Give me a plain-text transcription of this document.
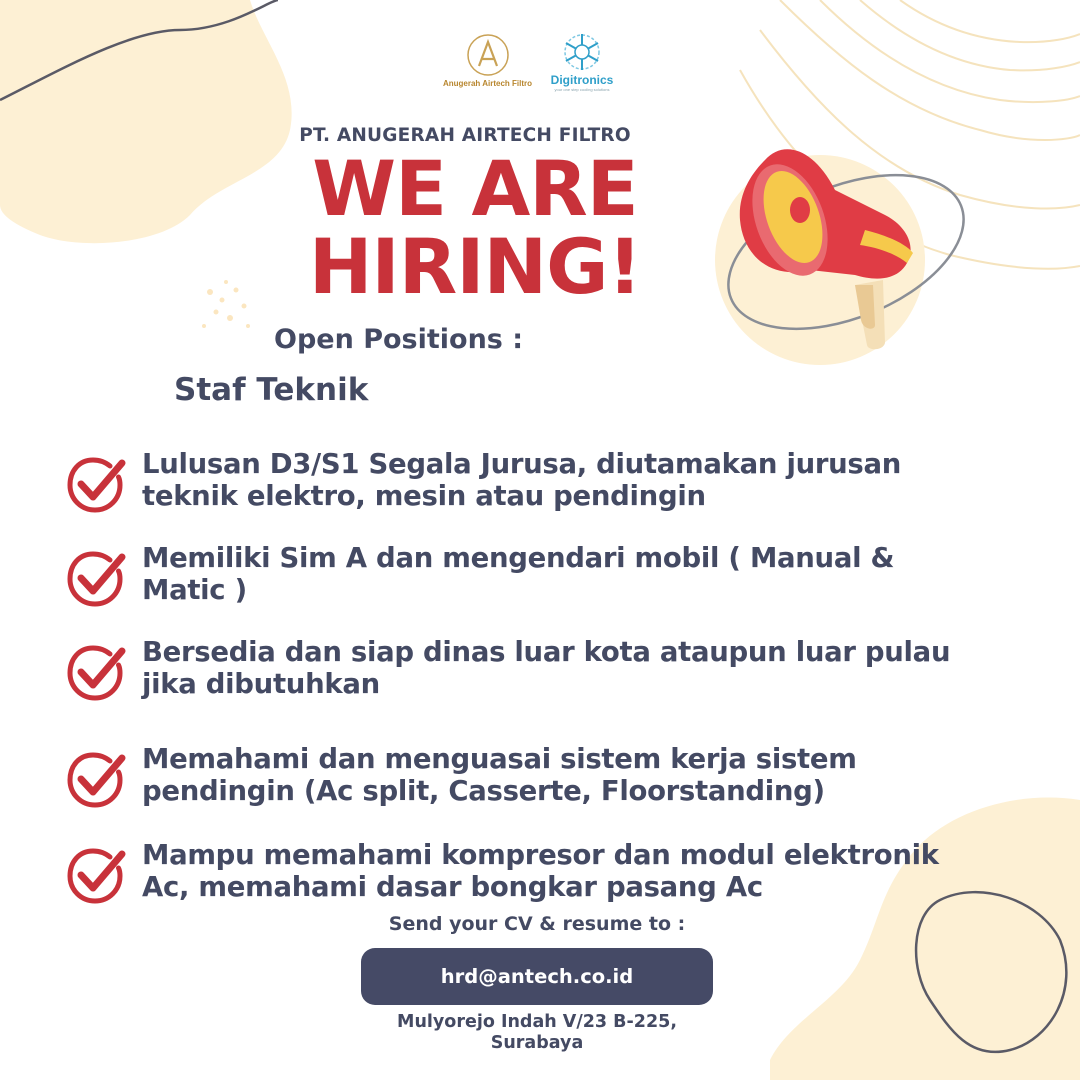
Anugerah Airtech Filtro	Digitronics
your one step cooling solutions
PT. ANUGERAH AIRTECH FILTRO
WE ARE
HIRING!
Open Positions :
Staf Teknik
Lulusan D3/S1 Segala Jurusa, diutamakan jurusan
teknik elektro, mesin atau pendingin
Memiliki Sim A dan mengendari mobil ( Manual &
Matic )
Bersedia dan siap dinas luar kota ataupun luar pulau
jika dibutuhkan
Memahami dan menguasai sistem kerja sistem
pendingin (Ac split, Casserte, Floorstanding)
Mampu memahami kompresor dan modul elektronik
Ac, memahami dasar bongkar pasang Ac
Send your CV & resume to :
hrd@antech.co.id
Mulyorejo Indah V/23 B-225,
Surabaya
